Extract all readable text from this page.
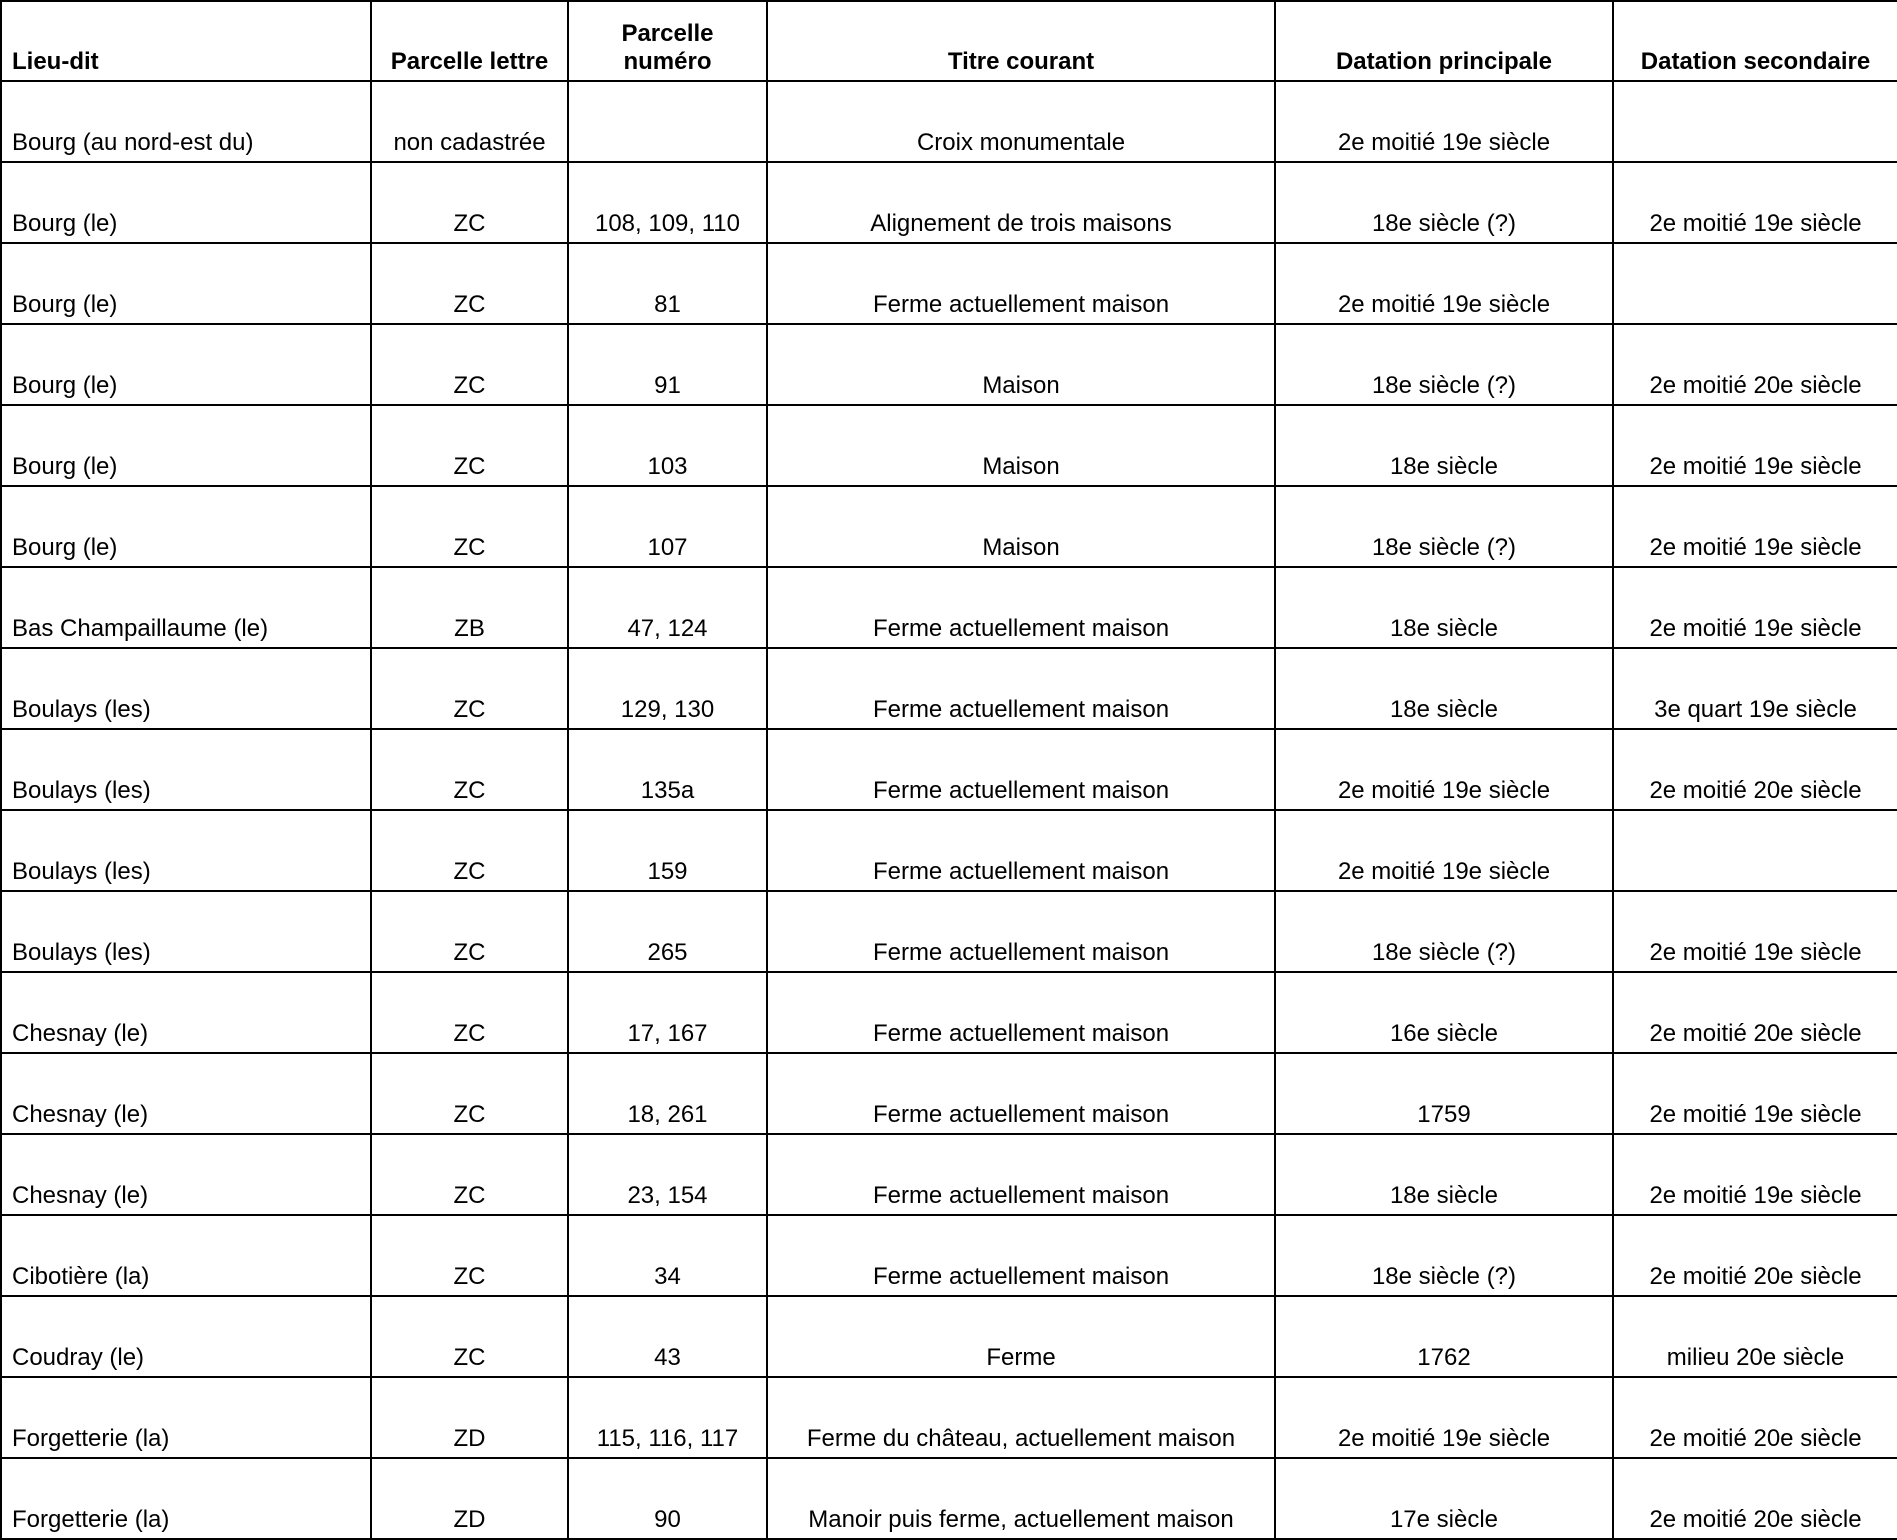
Lieu-dit	Parcelle lettre	Parcelle numéro	Titre courant	Datation principale	Datation secondaire
Bourg (au nord-est du)	non cadastrée		Croix monumentale	2e moitié 19e siècle	
Bourg (le)	ZC	108, 109, 110	Alignement de trois maisons	18e siècle (?)	2e moitié 19e siècle
Bourg (le)	ZC	81	Ferme actuellement maison	2e moitié 19e siècle	
Bourg (le)	ZC	91	Maison	18e siècle (?)	2e moitié 20e siècle
Bourg (le)	ZC	103	Maison	18e siècle	2e moitié 19e siècle
Bourg (le)	ZC	107	Maison	18e siècle (?)	2e moitié 19e siècle
Bas Champaillaume (le)	ZB	47, 124	Ferme actuellement maison	18e siècle	2e moitié 19e siècle
Boulays (les)	ZC	129, 130	Ferme actuellement maison	18e siècle	3e quart 19e siècle
Boulays (les)	ZC	135a	Ferme actuellement maison	2e moitié 19e siècle	2e moitié 20e siècle
Boulays (les)	ZC	159	Ferme actuellement maison	2e moitié 19e siècle	
Boulays (les)	ZC	265	Ferme actuellement maison	18e siècle (?)	2e moitié 19e siècle
Chesnay (le)	ZC	17, 167	Ferme actuellement maison	16e siècle	2e moitié 20e siècle
Chesnay (le)	ZC	18, 261	Ferme actuellement maison	1759	2e moitié 19e siècle
Chesnay (le)	ZC	23, 154	Ferme actuellement maison	18e siècle	2e moitié 19e siècle
Cibotière (la)	ZC	34	Ferme actuellement maison	18e siècle (?)	2e moitié 20e siècle
Coudray (le)	ZC	43	Ferme	1762	milieu 20e siècle
Forgetterie (la)	ZD	115, 116, 117	Ferme du château, actuellement maison	2e moitié 19e siècle	2e moitié 20e siècle
Forgetterie (la)	ZD	90	Manoir puis ferme, actuellement maison	17e siècle	2e moitié 20e siècle
